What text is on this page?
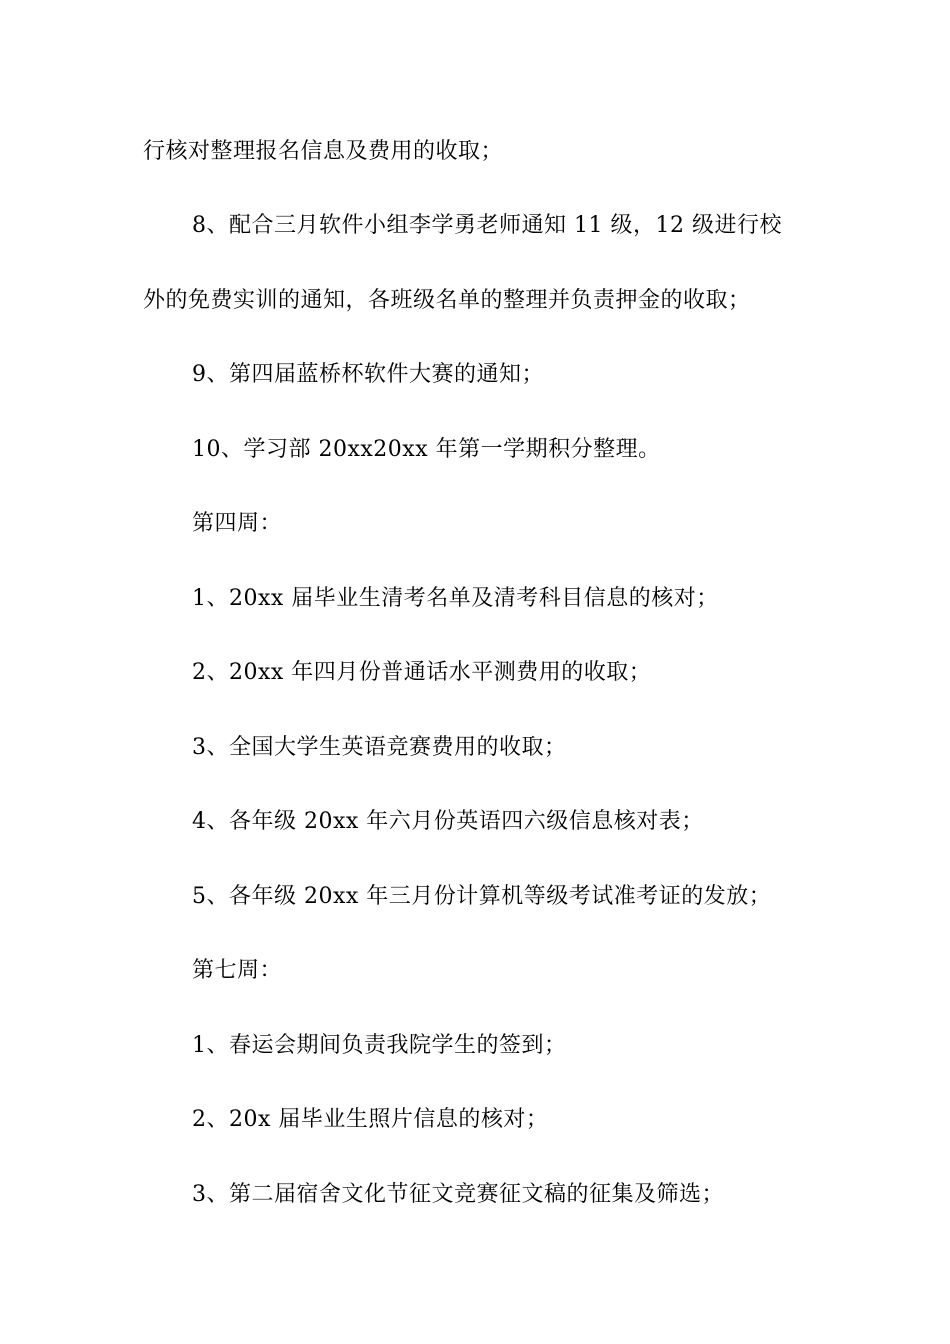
行核对整理报名信息及费用的收取；
8、配合三月软件小组李学勇老师通知 11 级，12 级进行校
外的免费实训的通知，各班级名单的整理并负责押金的收取；
9、第四届蓝桥杯软件大赛的通知；
10、学习部 20xx20xx 年第一学期积分整理。
第四周：
1、20xx 届毕业生清考名单及清考科目信息的核对；
2、20xx 年四月份普通话水平测费用的收取；
3、全国大学生英语竞赛费用的收取；
4、各年级 20xx 年六月份英语四六级信息核对表；
5、各年级 20xx 年三月份计算机等级考试准考证的发放；
第七周：
1、春运会期间负责我院学生的签到；
2、20x 届毕业生照片信息的核对；
3、第二届宿舍文化节征文竞赛征文稿的征集及筛选；
